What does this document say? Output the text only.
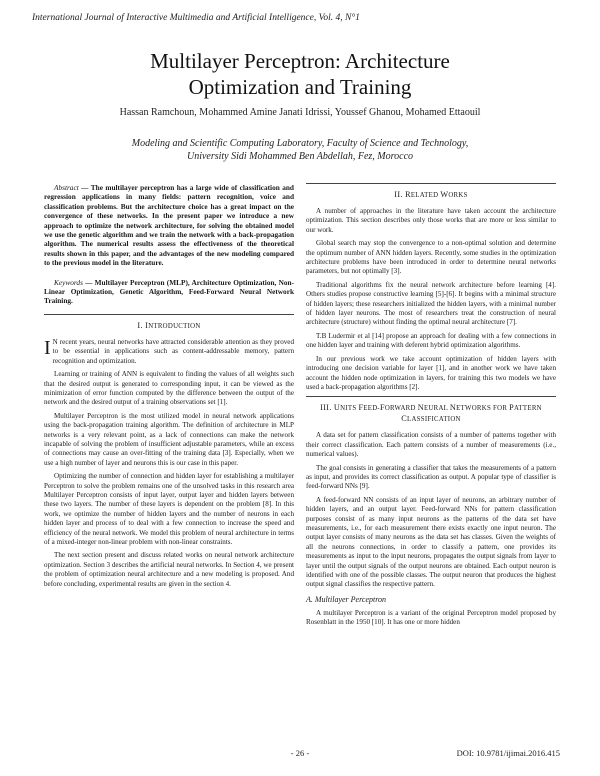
International Journal of Interactive Multimedia and Artificial Intelligence, Vol. 4, N°1
Multilayer Perceptron: Architecture
Optimization and Training
Hassan Ramchoun, Mohammed Amine Janati Idrissi, Youssef Ghanou, Mohamed Ettaouil
Modeling and Scientific Computing Laboratory, Faculty of Science and Technology,
University Sidi Mohammed Ben Abdellah, Fez, Morocco
Abstract — The multilayer perceptron has a large wide of classification and regression applications in many fields: pattern recognition, voice and classification problems. But the architecture choice has a great impact on the convergence of these networks. In the present paper we introduce a new approach to optimize the network architecture, for solving the obtained model we use the genetic algorithm and we train the network with a back-propagation algorithm. The numerical results assess the effectiveness of the theoretical results shown in this paper, and the advantages of the new modeling compared to the previous model in the literature.
Keywords — Multilayer Perceptron (MLP), Architecture Optimization, Non-Linear Optimization, Genetic Algorithm, Feed-Forward Neural Network Training.
I. INTRODUCTION

I N recent years, neural networks have attracted considerable attention as they proved to be essential in applications such as content-addressable memory, pattern recognition and optimization.

Learning or training of ANN is equivalent to finding the values of all weights such that the desired output is generated to corresponding input, it can be viewed as the minimization of error function computed by the difference between the output of the network and the desired output of a training observations set [1].

Multilayer Perceptron is the most utilized model in neural network applications using the back-propagation training algorithm. The definition of architecture in MLP networks is a very relevant point, as a lack of connections can make the network incapable of solving the problem of insufficient adjustable parameters, while an excess of connections may cause an over-fitting of the training data [3]. Especially, when we use a high number of layer and neurons this is our case in this paper.

Optimizing the number of connection and hidden layer for establishing a multilayer Perceptron to solve the problem remains one of the unsolved tasks in this research area Multilayer Perceptron consists of input layer, output layer and hidden layers between these two layers. The number of these layers is dependent on the problem [8]. In this work, we optimize the number of hidden layers and the number of neurons in each hidden layer and process of to deal with a few connection to increase the speed and efficiency of the neural network. We model this problem of neural architecture in terms of a mixed-integer non-linear problem with non-linear constraints.

The next section present and discuss related works on neural network architecture optimization. Section 3 describes the artificial neural networks. In Section 4, we present the problem of optimization neural architecture and a new modeling is proposed. And before concluding, experimental results are given in the section 4.

II. RELATED WORKS

A number of approaches in the literature have taken account the architecture optimization. This section describes only those works that are more or less similar to our work.

Global search may stop the convergence to a non-optimal solution and determine the optimum number of ANN hidden layers. Recently, some studies in the optimization architecture problems have been introduced in order to determine neural networks parameters, but not optimally [3].

Traditional algorithms fix the neural network architecture before learning [4]. Others studies propose constructive learning [5]-[6]. It begins with a minimal structure of hidden layers; these researchers initialized the hidden layers, with a minimal number of hidden layer neurons. The most of researchers treat the construction of neural architecture (structure) without finding the optimal neural architecture [7].

T.B Ludermir et al [14] propose an approach for dealing with a few connections in one hidden layer and training with deferent hybrid optimization algorithms.

In our previous work we take account optimization of hidden layers with introducing one decision variable for layer [1], and in another work we have taken account the hidden node optimization in layers, for training this two models we have used a back-propagation algorithms [2].

III. UNITS FEED-FORWARD NEURAL NETWORKS FOR PATTERN
CLASSIFICATION

A data set for pattern classification consists of a number of patterns together with their correct classification. Each pattern consists of a number of measurements (i.e., numerical values).

The goal consists in generating a classifier that takes the measurements of a pattern as input, and provides its correct classification as output. A popular type of classifier is feed-forward NNs [9].

A feed-forward NN consists of an input layer of neurons, an arbitrary number of hidden layers, and an output layer. Feed-forward NNs for pattern classification purposes consist of as many input neurons as the patterns of the data set have measurements, i.e., for each measurement there exists exactly one input neuron. The output layer consists of many neurons as the data set has classes. Given the weights of all the neurons connections, in order to classify a pattern, one provides its measurements as input to the input neurons, propagates the output signals from layer to layer until the output signals of the output neurons are obtained. Each output neuron is identified with one of the possible classes. The output neuron that produces the highest output signal classifies the respective pattern.

A. Multilayer Perceptron

A multilayer Perceptron is a variant of the original Perceptron model proposed by Rosenblatt in the 1950 [10]. It has one or more hidden

- 26 -	DOI: 10.9781/ijimai.2016.415
